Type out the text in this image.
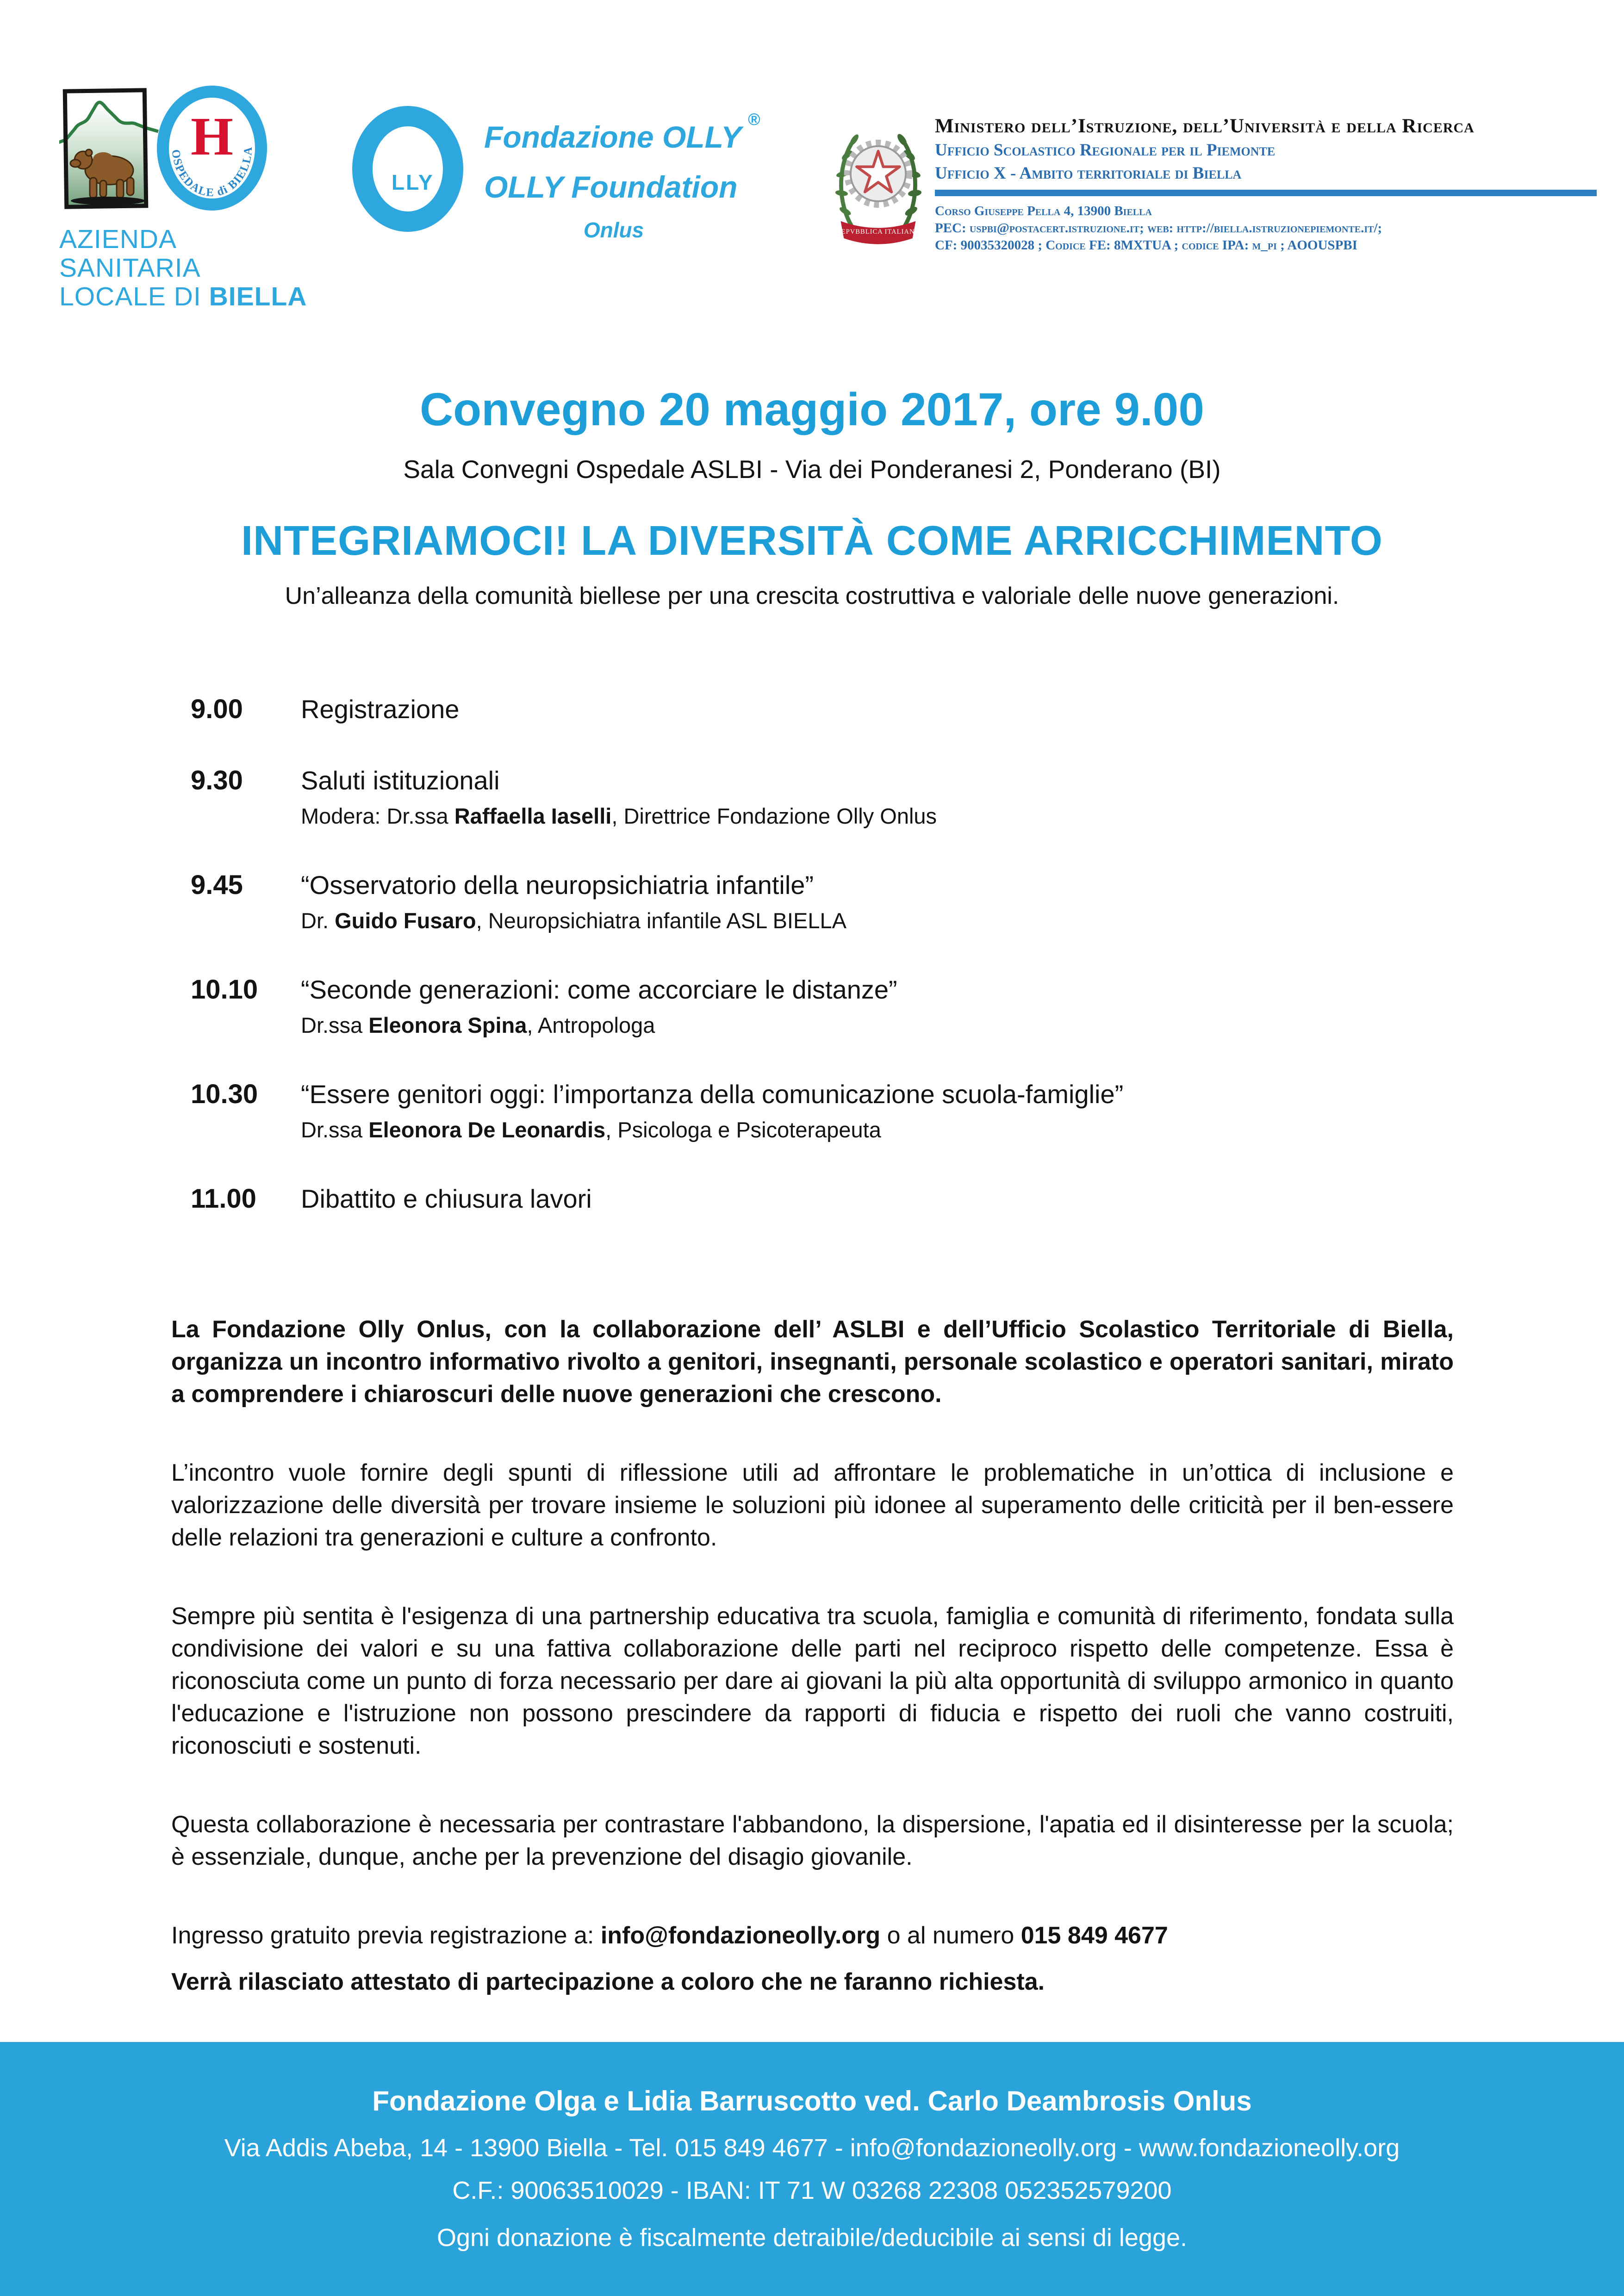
H
OSPEDALE di BIELLA
AZIENDA SANITARIA
LOCALE DI BIELLA
LLY
Fondazione OLLY®
OLLY Foundation
Onlus	REPVBBLICA ITALIANA
Ministero dell’Istruzione, dell’Università e della Ricerca
Ufficio Scolastico Regionale per il Piemonte
Ufficio X - Ambito territoriale di Biella
Corso Giuseppe Pella 4, 13900 Biella
PEC: uspbi@postacert.istruzione.it; web: http://biella.istruzionepiemonte.it/;
CF: 90035320028 ; Codice FE: 8MXTUA ; codice IPA: m_pi ; AOOUSPBI
Convegno 20 maggio 2017, ore 9.00
Sala Convegni Ospedale ASLBI - Via dei Ponderanesi 2, Ponderano (BI)
INTEGRIAMOCI! LA DIVERSITÀ COME ARRICCHIMENTO
Un’alleanza della comunità biellese per una crescita costruttiva e valoriale delle nuove generazioni.
9.00	Registrazione
9.30	Saluti istituzionali
Modera: Dr.ssa Raffaella Iaselli, Direttrice Fondazione Olly Onlus
9.45	“Osservatorio della neuropsichiatria infantile”
Dr. Guido Fusaro, Neuropsichiatra infantile ASL BIELLA
10.10	“Seconde generazioni: come accorciare le distanze”
Dr.ssa Eleonora Spina, Antropologa
10.30	“Essere genitori oggi: l’importanza della comunicazione scuola-famiglie”
Dr.ssa Eleonora De Leonardis, Psicologa e Psicoterapeuta
11.00	Dibattito e chiusura lavori

La Fondazione Olly Onlus, con la collaborazione dell’ ASLBI e dell’Ufficio Scolastico Territoriale di Biella, organizza un incontro informativo rivolto a genitori, insegnanti, personale scolastico e operatori sanitari, mirato a comprendere i chiaroscuri delle nuove generazioni che crescono.

L’incontro vuole fornire degli spunti di riflessione utili ad affrontare le problematiche in un’ottica di inclusione e valorizzazione delle diversità per trovare insieme le soluzioni più idonee al superamento delle criticità per il ben-essere delle relazioni tra generazioni e culture a confronto.

Sempre più sentita è l'esigenza di una partnership educativa tra scuola, famiglia e comunità di riferimento, fondata sulla condivisione dei valori e su una fattiva collaborazione delle parti nel reciproco rispetto delle competenze. Essa è riconosciuta come un punto di forza necessario per dare ai giovani la più alta opportunità di sviluppo armonico in quanto l'educazione e l'istruzione non possono prescindere da rapporti di fiducia e rispetto dei ruoli che vanno costruiti, riconosciuti e sostenuti.

Questa collaborazione è necessaria per contrastare l'abbandono, la dispersione, l'apatia ed il disinteresse per la scuola; è essenziale, dunque, anche per la prevenzione del disagio giovanile.

Ingresso gratuito previa registrazione a: info@fondazioneolly.org o al numero 015 849 4677

Verrà rilasciato attestato di partecipazione a coloro che ne faranno richiesta.

Fondazione Olga e Lidia Barruscotto ved. Carlo Deambrosis Onlus
Via Addis Abeba, 14 - 13900 Biella - Tel. 015 849 4677 - info@fondazioneolly.org - www.fondazioneolly.org
C.F.: 90063510029 - IBAN: IT 71 W 03268 22308 052352579200
Ogni donazione è fiscalmente detraibile/deducibile ai sensi di legge.
